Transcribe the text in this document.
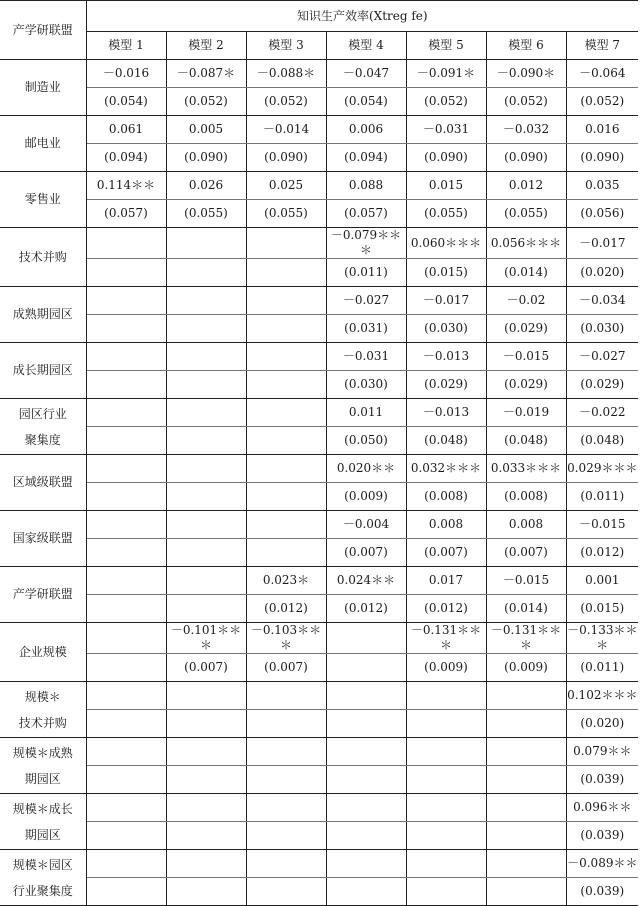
产学研联盟	知识生产效率(Xtreg fe)						
	模型 1	模型 2	模型 3	模型 4	模型 5	模型 6	模型 7

制造业	－0.016	－0.087＊	－0.088＊	－0.047	－0.091＊	－0.090＊	－0.064
	(0.054)	(0.052)	(0.052)	(0.054)	(0.052)	(0.052)	(0.052)

邮电业	0.061	0.005	－0.014	0.006	－0.031	－0.032	0.016
	(0.094)	(0.090)	(0.090)	(0.094)	(0.090)	(0.090)	(0.090)

零售业	0.114＊＊	0.026	0.025	0.088	0.015	0.012	0.035
	(0.057)	(0.055)	(0.055)	(0.057)	(0.055)	(0.055)	(0.056)

技术并购				－0.079＊＊＊	0.060＊＊＊	0.056＊＊＊	－0.017
				(0.011)	(0.015)	(0.014)	(0.020)

成熟期园区				－0.027	－0.017	－0.02	－0.034
				(0.031)	(0.030)	(0.029)	(0.030)

成长期园区				－0.031	－0.013	－0.015	－0.027
				(0.030)	(0.029)	(0.029)	(0.029)

园区行业
聚集度				0.011	－0.013	－0.019	－0.022
				(0.050)	(0.048)	(0.048)	(0.048)

区域级联盟				0.020＊＊	0.032＊＊＊	0.033＊＊＊	0.029＊＊＊
				(0.009)	(0.008)	(0.008)	(0.011)

国家级联盟				－0.004	0.008	0.008	－0.015
				(0.007)	(0.007)	(0.007)	(0.012)

产学研联盟			0.023＊	0.024＊＊	0.017	－0.015	0.001
			(0.012)	(0.012)	(0.012)	(0.014)	(0.015)

企业规模		－0.101＊＊＊	－0.103＊＊＊		－0.131＊＊＊	－0.131＊＊＊	－0.133＊＊＊
		(0.007)	(0.007)		(0.009)	(0.009)	(0.011)

规模＊
技术并购							0.102＊＊＊
							(0.020)

规模＊成熟
期园区							0.079＊＊
							(0.039)

规模＊成长
期园区							0.096＊＊
							(0.039)

规模＊园区
行业聚集度							－0.089＊＊
							(0.039)
